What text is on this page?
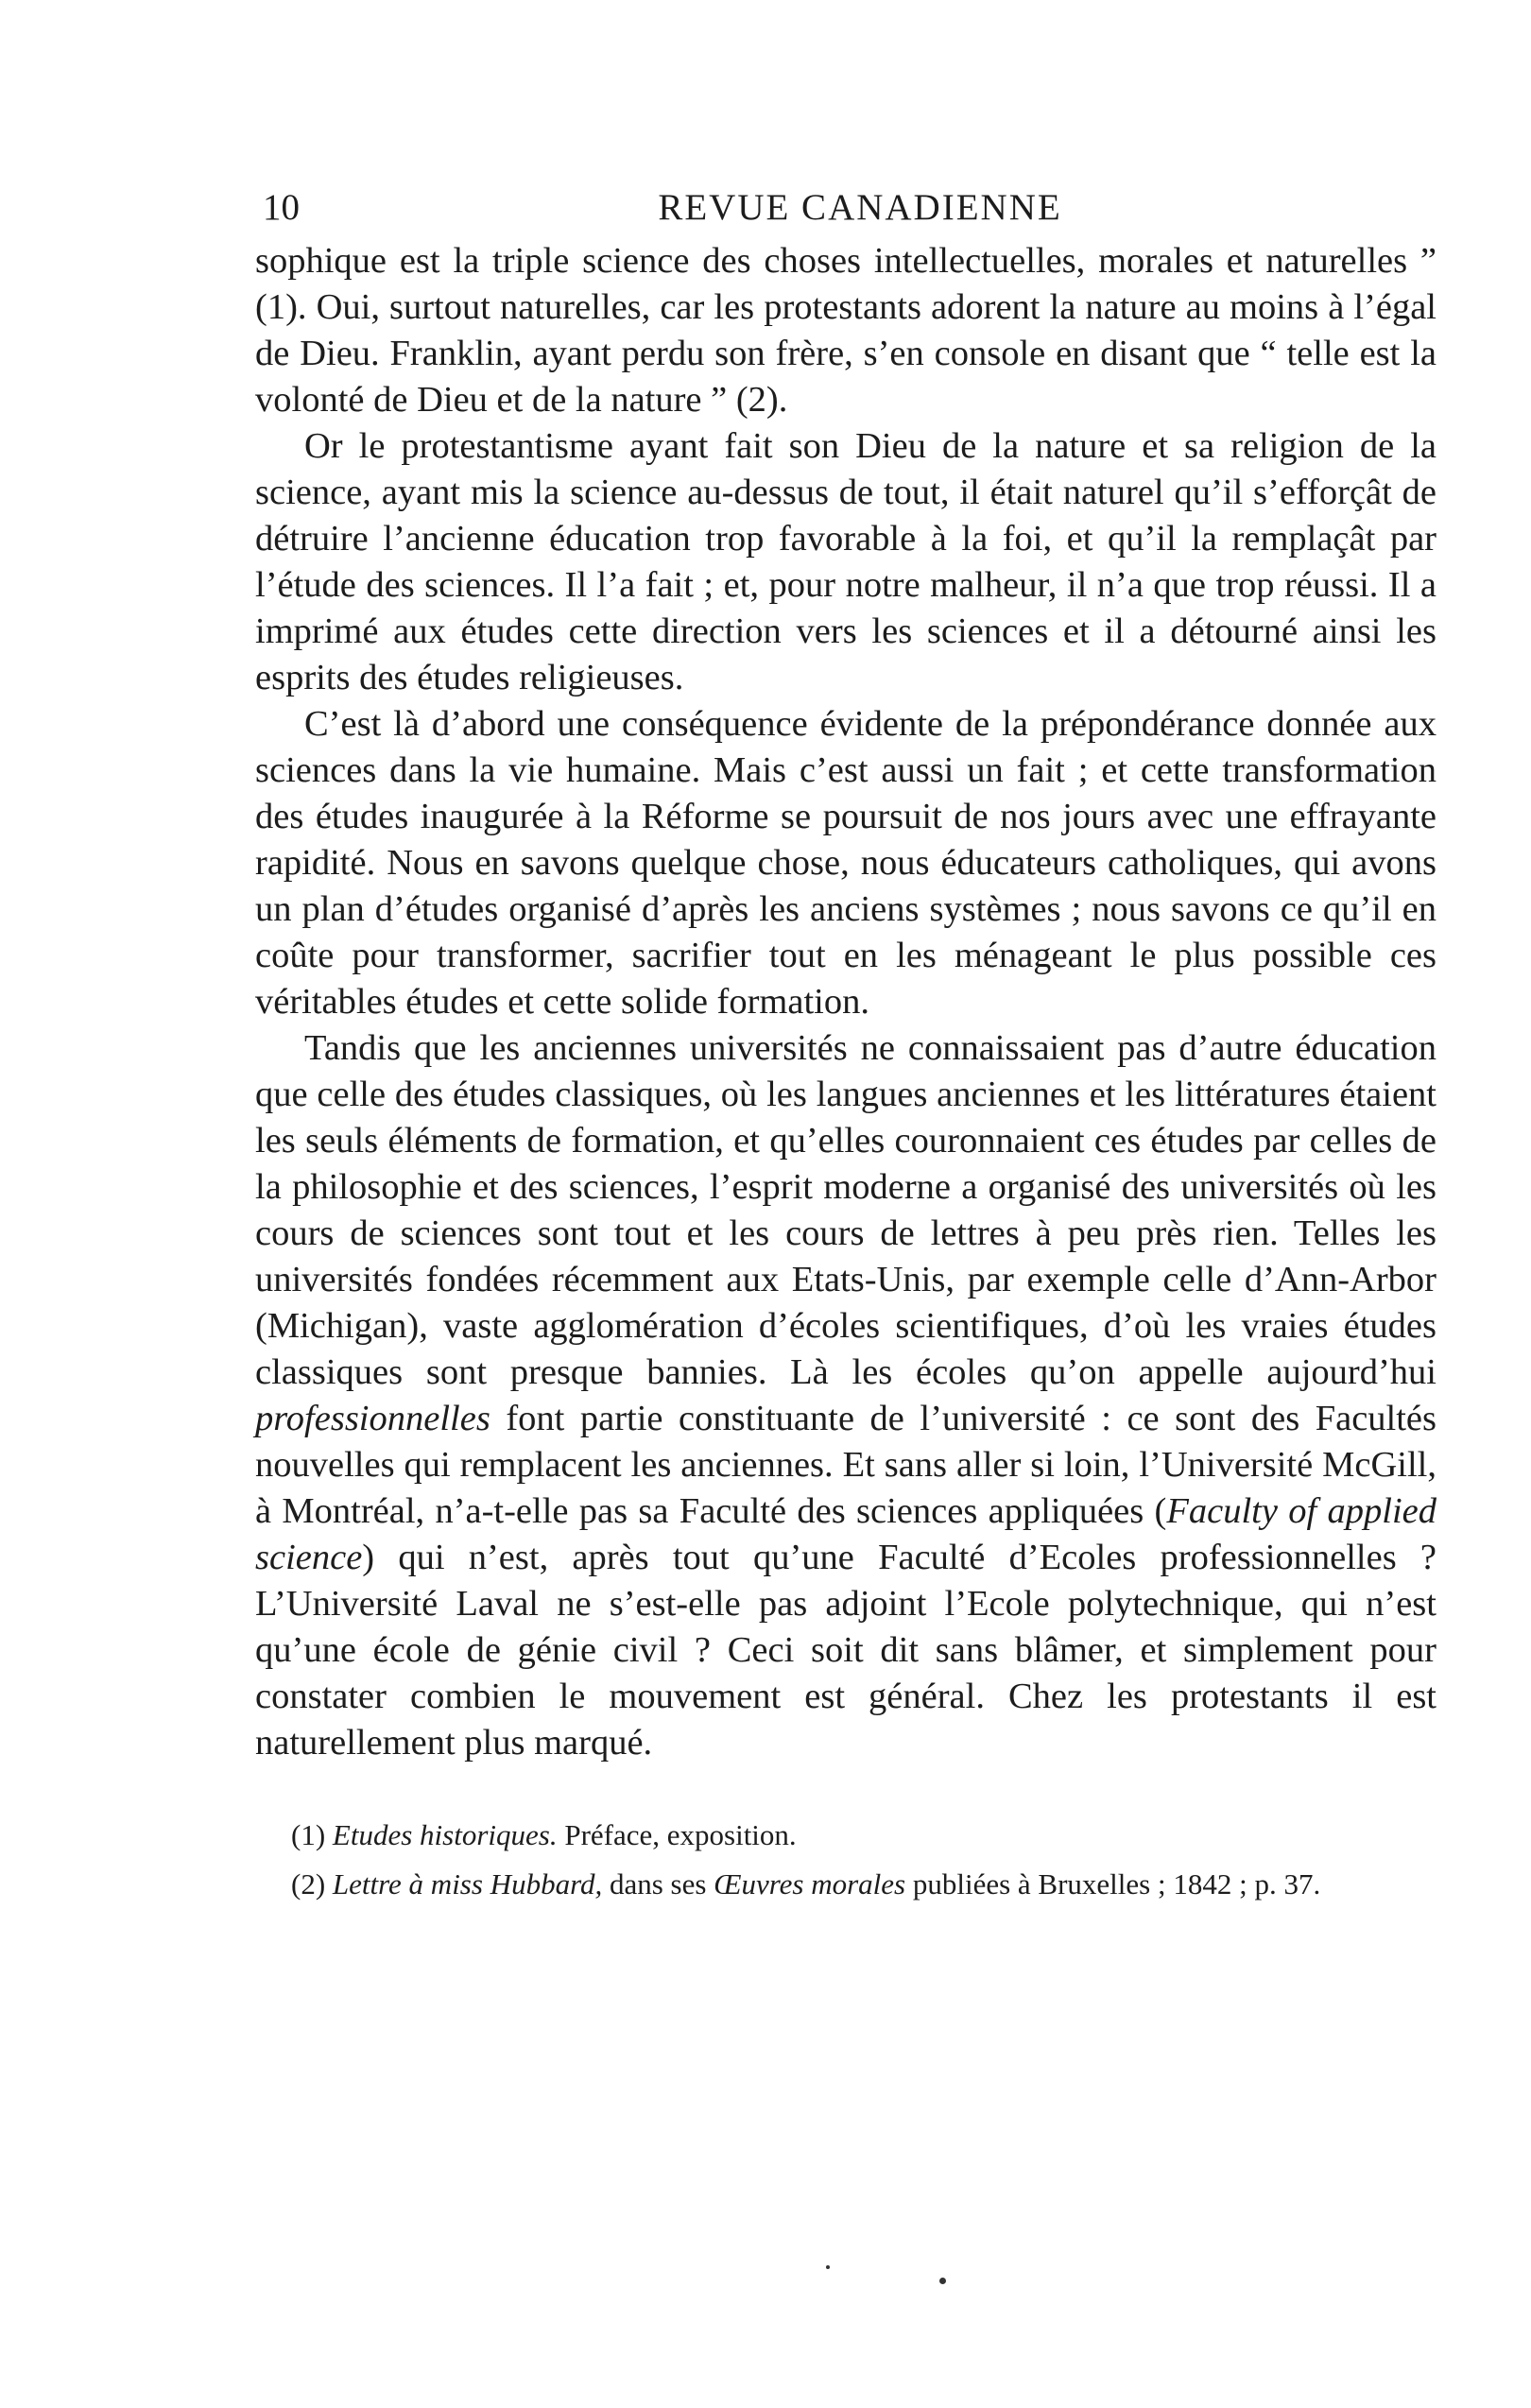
10	REVUE CANADIENNE

sophique est la triple science des choses intellectuelles, morales et naturelles ” (1). Oui, surtout naturelles, car les protestants adorent la nature au moins à l’égal de Dieu. Franklin, ayant perdu son frère, s’en console en disant que “ telle est la volonté de Dieu et de la nature ” (2).

Or le protestantisme ayant fait son Dieu de la nature et sa religion de la science, ayant mis la science au-dessus de tout, il était naturel qu’il s’efforçât de détruire l’ancienne éducation trop favorable à la foi, et qu’il la remplaçât par l’étude des sciences. Il l’a fait ; et, pour notre malheur, il n’a que trop réussi. Il a imprimé aux études cette direction vers les sciences et il a détourné ainsi les esprits des études religieuses.

C’est là d’abord une conséquence évidente de la prépondérance donnée aux sciences dans la vie humaine. Mais c’est aussi un fait ; et cette transformation des études inaugurée à la Réforme se poursuit de nos jours avec une effrayante rapidité. Nous en savons quelque chose, nous éducateurs catholiques, qui avons un plan d’études organisé d’après les anciens systèmes ; nous savons ce qu’il en coûte pour transformer, sacrifier tout en les ménageant le plus possible ces véritables études et cette solide formation.

Tandis que les anciennes universités ne connaissaient pas d’autre éducation que celle des études classiques, où les langues anciennes et les littératures étaient les seuls éléments de formation, et qu’elles couronnaient ces études par celles de la philosophie et des sciences, l’esprit moderne a organisé des universités où les cours de sciences sont tout et les cours de lettres à peu près rien. Telles les universités fondées récemment aux Etats-Unis, par exemple celle d’Ann-Arbor (Michigan), vaste agglomération d’écoles scientifiques, d’où les vraies études classiques sont presque bannies. Là les écoles qu’on appelle aujourd’hui professionnelles font partie constituante de l’université : ce sont des Facultés nouvelles qui remplacent les anciennes. Et sans aller si loin, l’Université McGill, à Montréal, n’a-t-elle pas sa Faculté des sciences appliquées (Faculty of applied science) qui n’est, après tout qu’une Faculté d’Ecoles professionnelles ? L’Université Laval ne s’est-elle pas adjoint l’Ecole polytechnique, qui n’est qu’une école de génie civil ? Ceci soit dit sans blâmer, et simplement pour constater combien le mouvement est général. Chez les protestants il est naturellement plus marqué.

(1) Etudes historiques. Préface, exposition.

(2) Lettre à miss Hubbard, dans ses Œuvres morales publiées à Bruxelles ; 1842 ; p. 37.
